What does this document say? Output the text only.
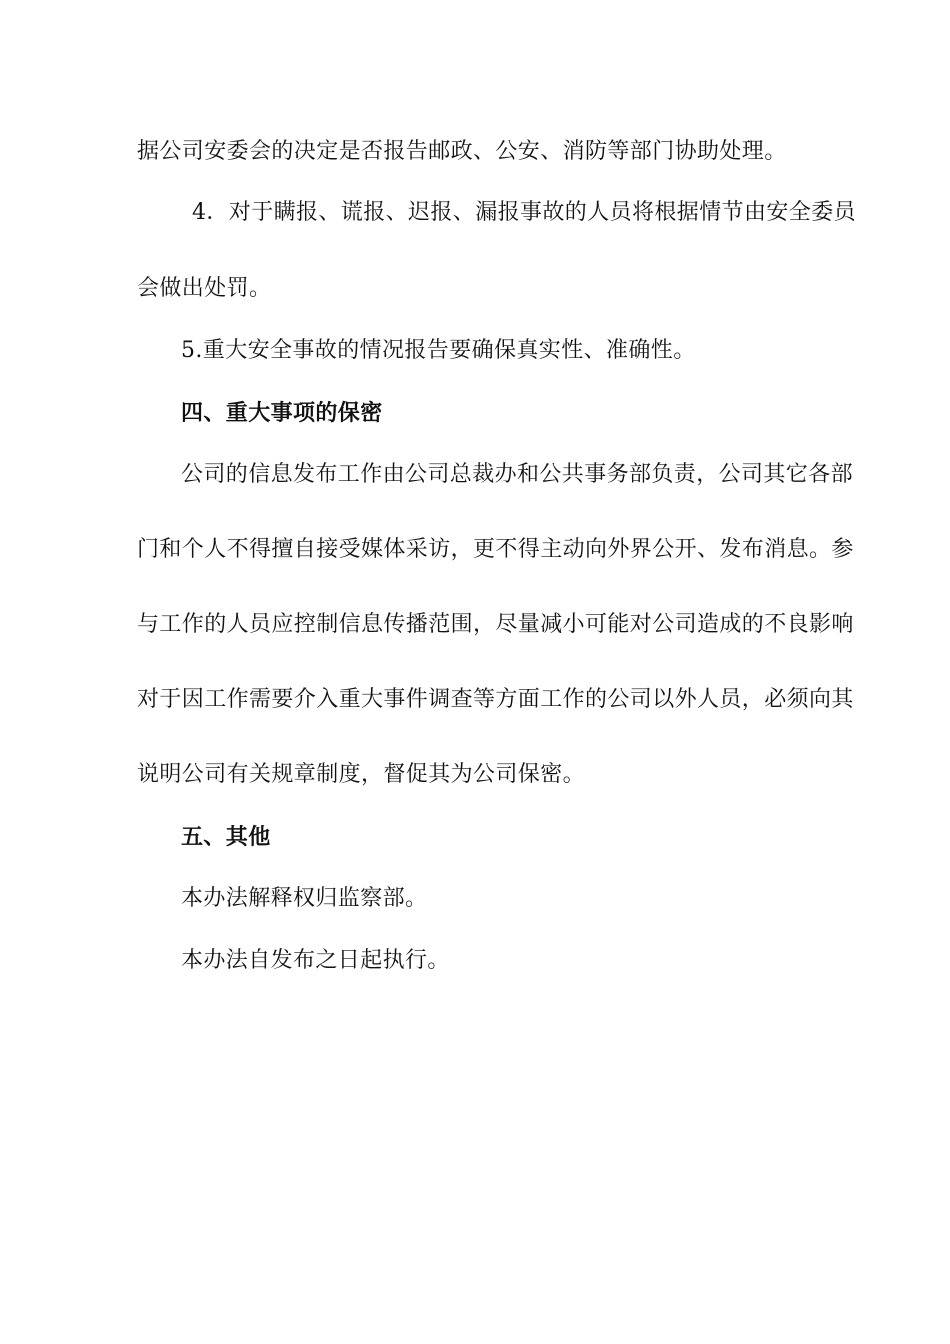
据公司安委会的决定是否报告邮政、公安、消防等部门协助处理。

4．对于瞒报、谎报、迟报、漏报事故的人员将根据情节由安全委员

会做出处罚。

5.重大安全事故的情况报告要确保真实性、准确性。

四、重大事项的保密

公司的信息发布工作由公司总裁办和公共事务部负责，公司其它各部

门和个人不得擅自接受媒体采访，更不得主动向外界公开、发布消息。参

与工作的人员应控制信息传播范围，尽量减小可能对公司造成的不良影响

对于因工作需要介入重大事件调查等方面工作的公司以外人员，必须向其

说明公司有关规章制度，督促其为公司保密。

五、其他

本办法解释权归监察部。

本办法自发布之日起执行。
